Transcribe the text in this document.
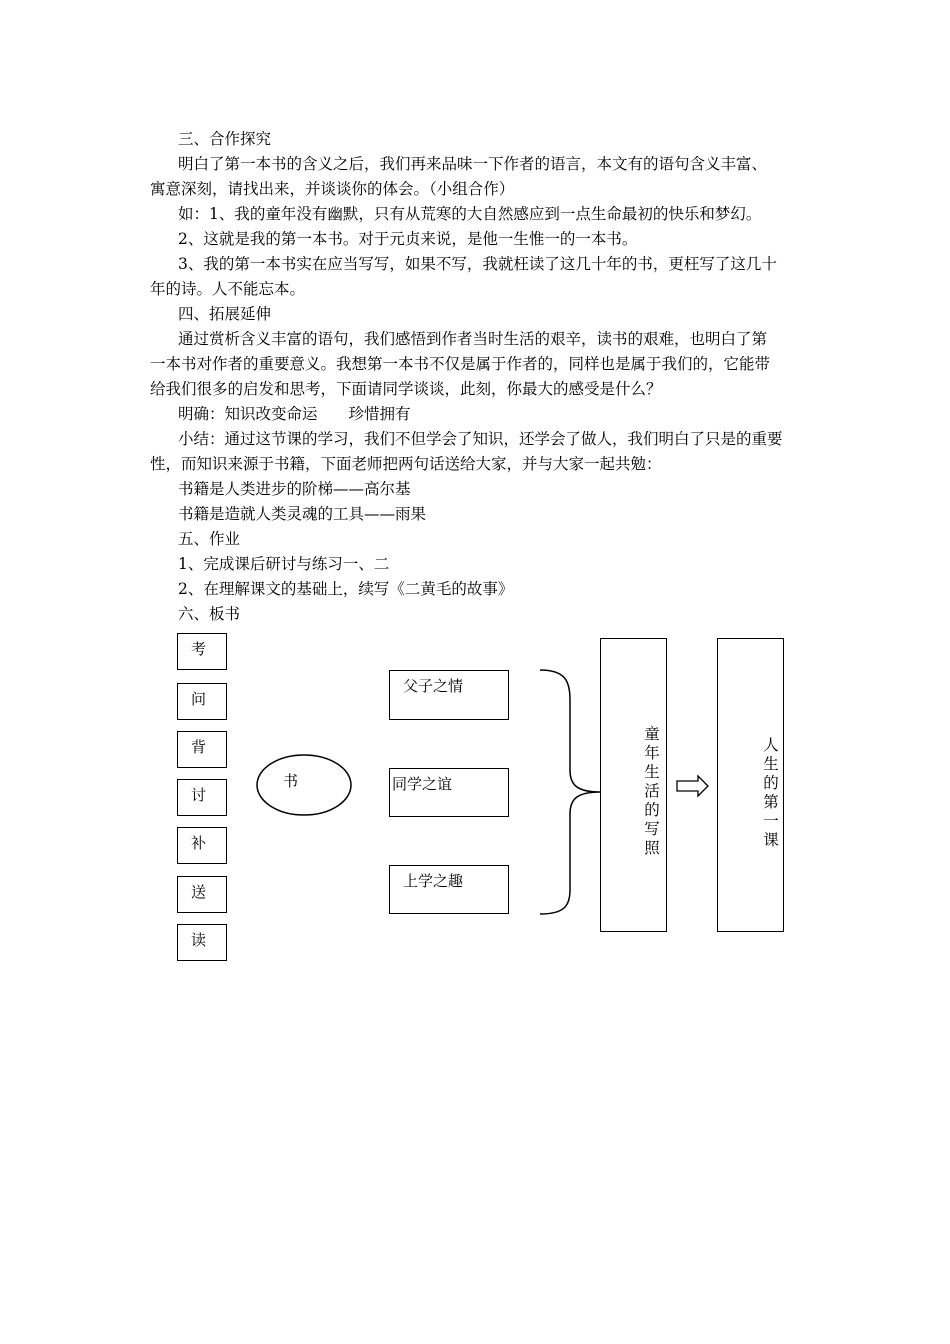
三、合作探究
明白了第一本书的含义之后，我们再来品味一下作者的语言，本文有的语句含义丰富、
寓意深刻，请找出来，并谈谈你的体会。（小组合作）
如：1、我的童年没有幽默，只有从荒寒的大自然感应到一点生命最初的快乐和梦幻。
2、这就是我的第一本书。对于元贞来说，是他一生惟一的一本书。
3、我的第一本书实在应当写写，如果不写，我就枉读了这几十年的书，更枉写了这几十
年的诗。人不能忘本。
四、拓展延伸
通过赏析含义丰富的语句，我们感悟到作者当时生活的艰辛，读书的艰难，也明白了第
一本书对作者的重要意义。我想第一本书不仅是属于作者的，同样也是属于我们的，它能带
给我们很多的启发和思考，下面请同学谈谈，此刻，你最大的感受是什么？
明确：知识改变命运　　珍惜拥有
小结：通过这节课的学习，我们不但学会了知识，还学会了做人，我们明白了只是的重要
性，而知识来源于书籍，下面老师把两句话送给大家，并与大家一起共勉：
书籍是人类进步的阶梯——高尔基
书籍是造就人类灵魂的工具——雨果
五、作业
1、完成课后研讨与练习一、二
2、在理解课文的基础上，续写《二黄毛的故事》
六、板书
考
问
背
讨
补
送
读
书
父子之情
同学之谊
上学之趣
童年生活的写照
人生的第一课
